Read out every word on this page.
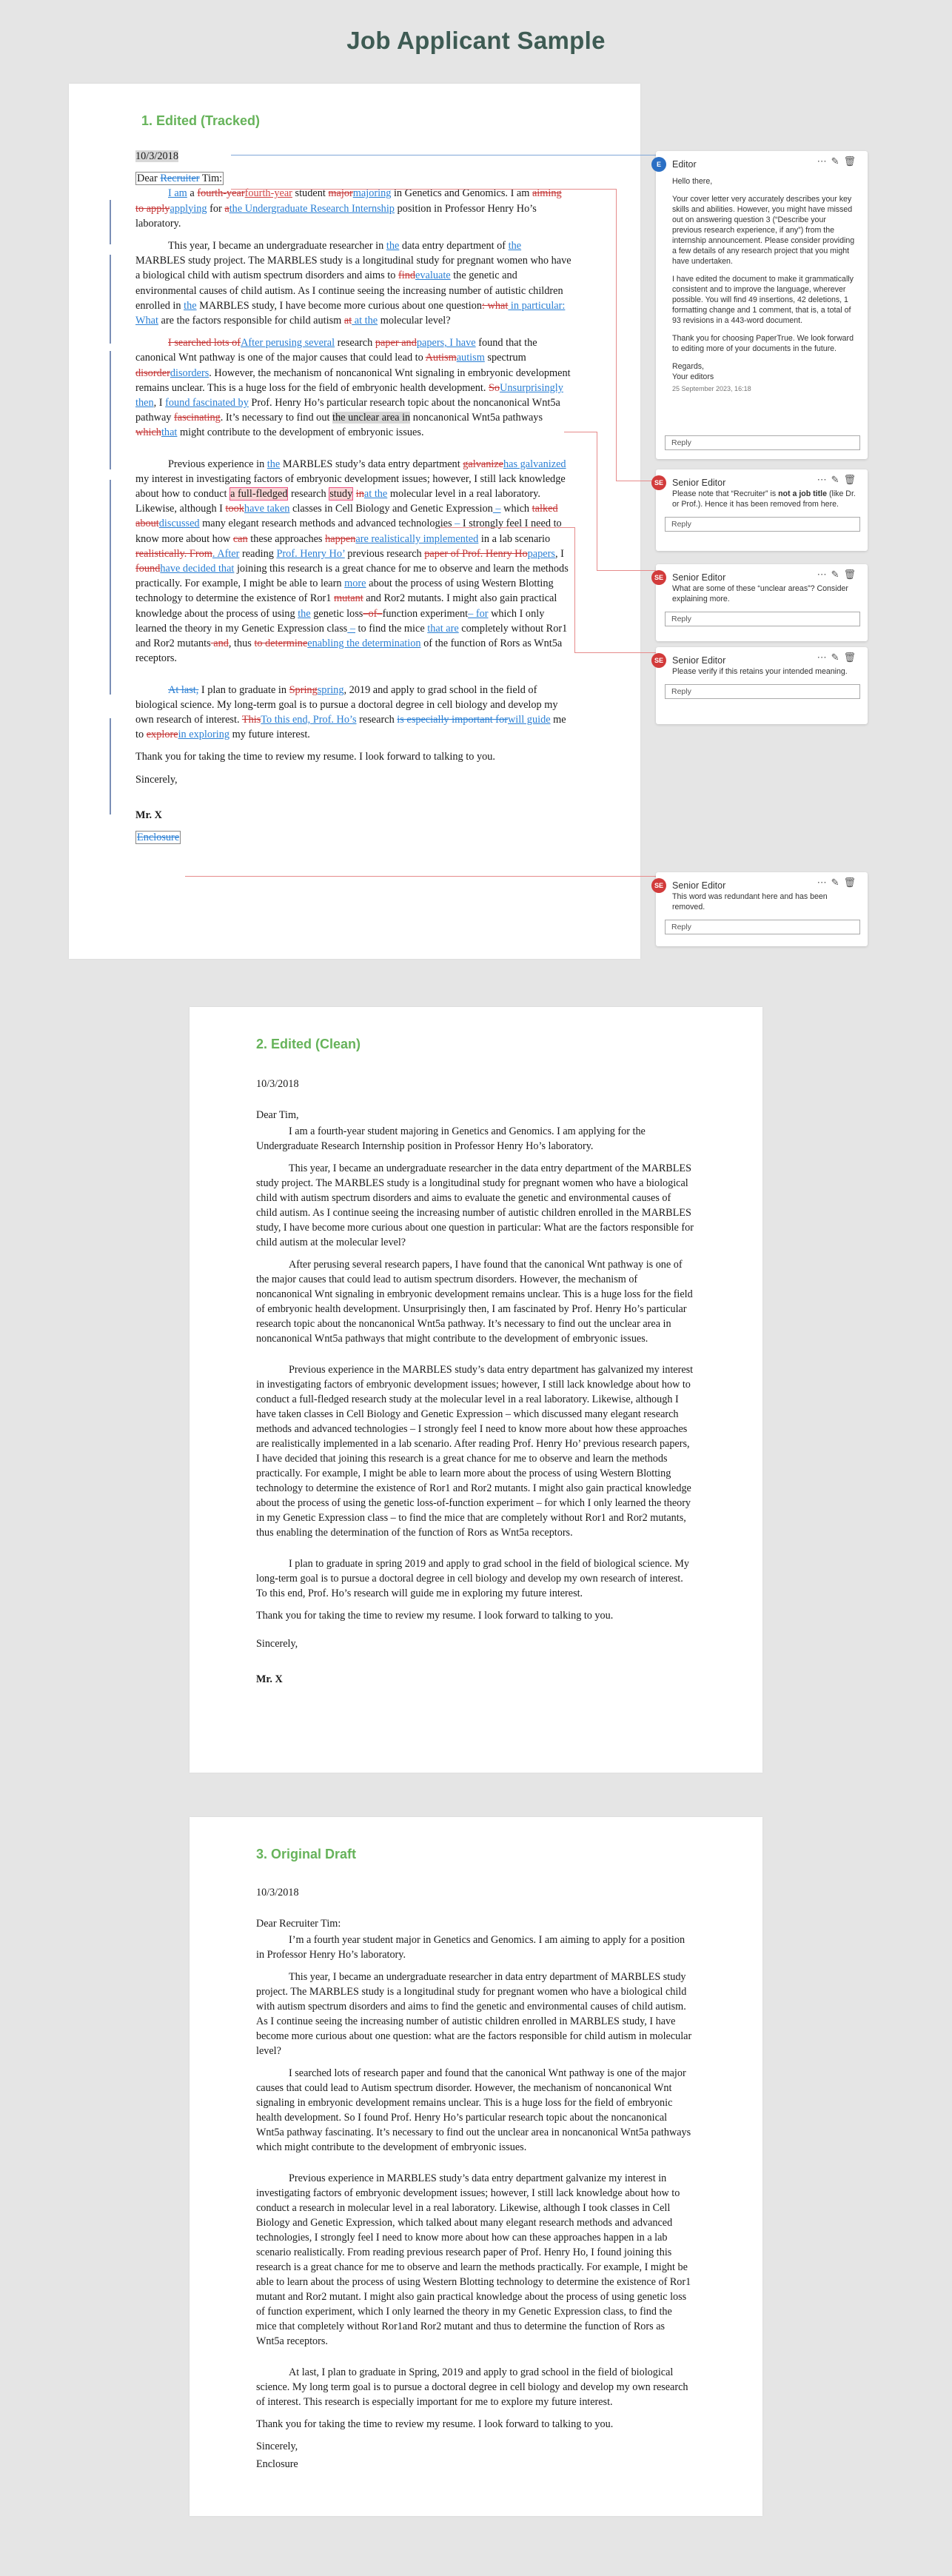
Job Applicant Sample
1. Edited (Tracked)

10/3/2018

Dear Recruiter Tim:

I am a fourth-yearfourth-year student majormajoring in Genetics and Genomics. I am aiming to applyapplying for athe Undergraduate Research Internship position in Professor Henry Ho’s laboratory.

This year, I became an undergraduate researcher in the data entry department of the MARBLES study project. The MARBLES study is a longitudinal study for pregnant women who have a biological child with autism spectrum disorders and aims to findevaluate the genetic and environmental causes of child autism. As I continue seeing the increasing number of autistic children enrolled in the MARBLES study, I have become more curious about one question: what in particular: What are the factors responsible for child autism at at the molecular level?

I searched lots ofAfter perusing several research paper andpapers, I have found that the canonical Wnt pathway is one of the major causes that could lead to Autismautism spectrum disorderdisorders. However, the mechanism of noncanonical Wnt signaling in embryonic development remains unclear. This is a huge loss for the field of embryonic health development. SoUnsurprisingly then, I found fascinated by Prof. Henry Ho’s particular research topic about the noncanonical Wnt5a pathway fascinating. It’s necessary to find out the unclear area in noncanonical Wnt5a pathways whichthat might contribute to the development of embryonic issues.

Previous experience in the MARBLES study’s data entry department galvanizehas galvanized my interest in investigating factors of embryonic development issues; however, I still lack knowledge about how to conduct a full-fledged research study inat the molecular level in a real laboratory. Likewise, although I tookhave taken classes in Cell Biology and Genetic Expression – which talked aboutdiscussed many elegant research methods and advanced technologies – I strongly feel I need to know more about how can these approaches happenare realistically implemented in a lab scenario realistically. From. After reading Prof. Henry Ho’ previous research paper of Prof. Henry Hopapers, I foundhave decided that joining this research is a great chance for me to observe and learn the methods practically. For example, I might be able to learn more about the process of using Western Blotting technology to determine the existence of Ror1 mutant and Ror2 mutants. I might also gain practical knowledge about the process of using the genetic loss–of–function experiment– for which I only learned the theory in my Genetic Expression class – to find the mice that are completely without Ror1 and Ror2 mutants and, thus to determineenabling the determination of the function of Rors as Wnt5a receptors.

At last, I plan to graduate in Springspring, 2019 and apply to grad school in the field of biological science. My long-term goal is to pursue a doctoral degree in cell biology and develop my own research of interest. ThisTo this end, Prof. Ho’s research is especially important forwill guide me to explorein exploring my future interest.

Thank you for taking the time to review my resume. I look forward to talking to you.

Sincerely,

Mr. X

Enclosure

E	Editor	⋯✎🗑

Hello there,

Your cover letter very accurately describes your key skills and abilities. However, you might have missed out on answering question 3 (“Describe your previous research experience, if any”) from the internship announcement. Please consider providing a few details of any research project that you might have undertaken.

I have edited the document to make it grammatically consistent and to improve the language, wherever possible. You will find 49 insertions, 42 deletions, 1 formatting change and 1 comment, that is, a total of 93 revisions in a 443-word document.

Thank you for choosing PaperTrue. We look forward to editing more of your documents in the future.

Regards,
Your editors

25 September 2023, 16:18

Reply
SE Senior Editor	⋯✎🗑

Please note that “Recruiter” is not a job title (like Dr. or Prof.). Hence it has been removed from here.

Reply
SE Senior Editor	⋯✎🗑

What are some of these “unclear areas”? Consider explaining more.

Reply
SE Senior Editor	⋯✎🗑

Please verify if this retains your intended meaning.

Reply
SE Senior Editor	⋯✎🗑

This word was redundant here and has been removed.

Reply
2. Edited (Clean)

10/3/2018

Dear Tim,

I am a fourth-year student majoring in Genetics and Genomics. I am applying for the Undergraduate Research Internship position in Professor Henry Ho’s laboratory.

This year, I became an undergraduate researcher in the data entry department of the MARBLES study project. The MARBLES study is a longitudinal study for pregnant women who have a biological child with autism spectrum disorders and aims to evaluate the genetic and environmental causes of child autism. As I continue seeing the increasing number of autistic children enrolled in the MARBLES study, I have become more curious about one question in particular: What are the factors responsible for child autism at the molecular level?

After perusing several research papers, I have found that the canonical Wnt pathway is one of the major causes that could lead to autism spectrum disorders. However, the mechanism of noncanonical Wnt signaling in embryonic development remains unclear. This is a huge loss for the field of embryonic health development. Unsurprisingly then, I am fascinated by Prof. Henry Ho’s particular research topic about the noncanonical Wnt5a pathway. It’s necessary to find out the unclear area in noncanonical Wnt5a pathways that might contribute to the development of embryonic issues.

Previous experience in the MARBLES study’s data entry department has galvanized my interest in investigating factors of embryonic development issues; however, I still lack knowledge about how to conduct a full-fledged research study at the molecular level in a real laboratory. Likewise, although I have taken classes in Cell Biology and Genetic Expression – which discussed many elegant research methods and advanced technologies – I strongly feel I need to know more about how these approaches are realistically implemented in a lab scenario. After reading Prof. Henry Ho’ previous research papers, I have decided that joining this research is a great chance for me to observe and learn the methods practically. For example, I might be able to learn more about the process of using Western Blotting technology to determine the existence of Ror1 and Ror2 mutants. I might also gain practical knowledge about the process of using the genetic loss-of-function experiment – for which I only learned the theory in my Genetic Expression class – to find the mice that are completely without Ror1 and Ror2 mutants, thus enabling the determination of the function of Rors as Wnt5a receptors.

I plan to graduate in spring 2019 and apply to grad school in the field of biological science. My long-term goal is to pursue a doctoral degree in cell biology and develop my own research of interest. To this end, Prof. Ho’s research will guide me in exploring my future interest.

Thank you for taking the time to review my resume. I look forward to talking to you.

Sincerely,

Mr. X

3. Original Draft

10/3/2018

Dear Recruiter Tim:

I’m a fourth year student major in Genetics and Genomics. I am aiming to apply for a position in Professor Henry Ho’s laboratory.

This year, I became an undergraduate researcher in data entry department of MARBLES study project. The MARBLES study is a longitudinal study for pregnant women who have a biological child with autism spectrum disorders and aims to find the genetic and environmental causes of child autism. As I continue seeing the increasing number of autistic children enrolled in MARBLES study, I have become more curious about one question: what are the factors responsible for child autism in molecular level?

I searched lots of research paper and found that the canonical Wnt pathway is one of the major causes that could lead to Autism spectrum disorder. However, the mechanism of noncanonical Wnt signaling in embryonic development remains unclear. This is a huge loss for the field of embryonic health development. So I found Prof. Henry Ho’s particular research topic about the noncanonical Wnt5a pathway fascinating. It’s necessary to find out the unclear area in noncanonical Wnt5a pathways which might contribute to the development of embryonic issues.

Previous experience in MARBLES study’s data entry department galvanize my interest in investigating factors of embryonic development issues; however, I still lack knowledge about how to conduct a research in molecular level in a real laboratory. Likewise, although I took classes in Cell Biology and Genetic Expression, which talked about many elegant research methods and advanced technologies, I strongly feel I need to know more about how can these approaches happen in a lab scenario realistically. From reading previous research paper of Prof. Henry Ho, I found joining this research is a great chance for me to observe and learn the methods practically. For example, I might be able to learn about the process of using Western Blotting technology to determine the existence of Ror1 mutant and Ror2 mutant. I might also gain practical knowledge about the process of using genetic loss of function experiment, which I only learned the theory in my Genetic Expression class, to find the mice that completely without Ror1and Ror2 mutant and thus to determine the function of Rors as Wnt5a receptors.

At last, I plan to graduate in Spring, 2019 and apply to grad school in the field of biological science. My long term goal is to pursue a doctoral degree in cell biology and develop my own research of interest. This research is especially important for me to explore my future interest.

Thank you for taking the time to review my resume. I look forward to talking to you.

Sincerely,

Enclosure
